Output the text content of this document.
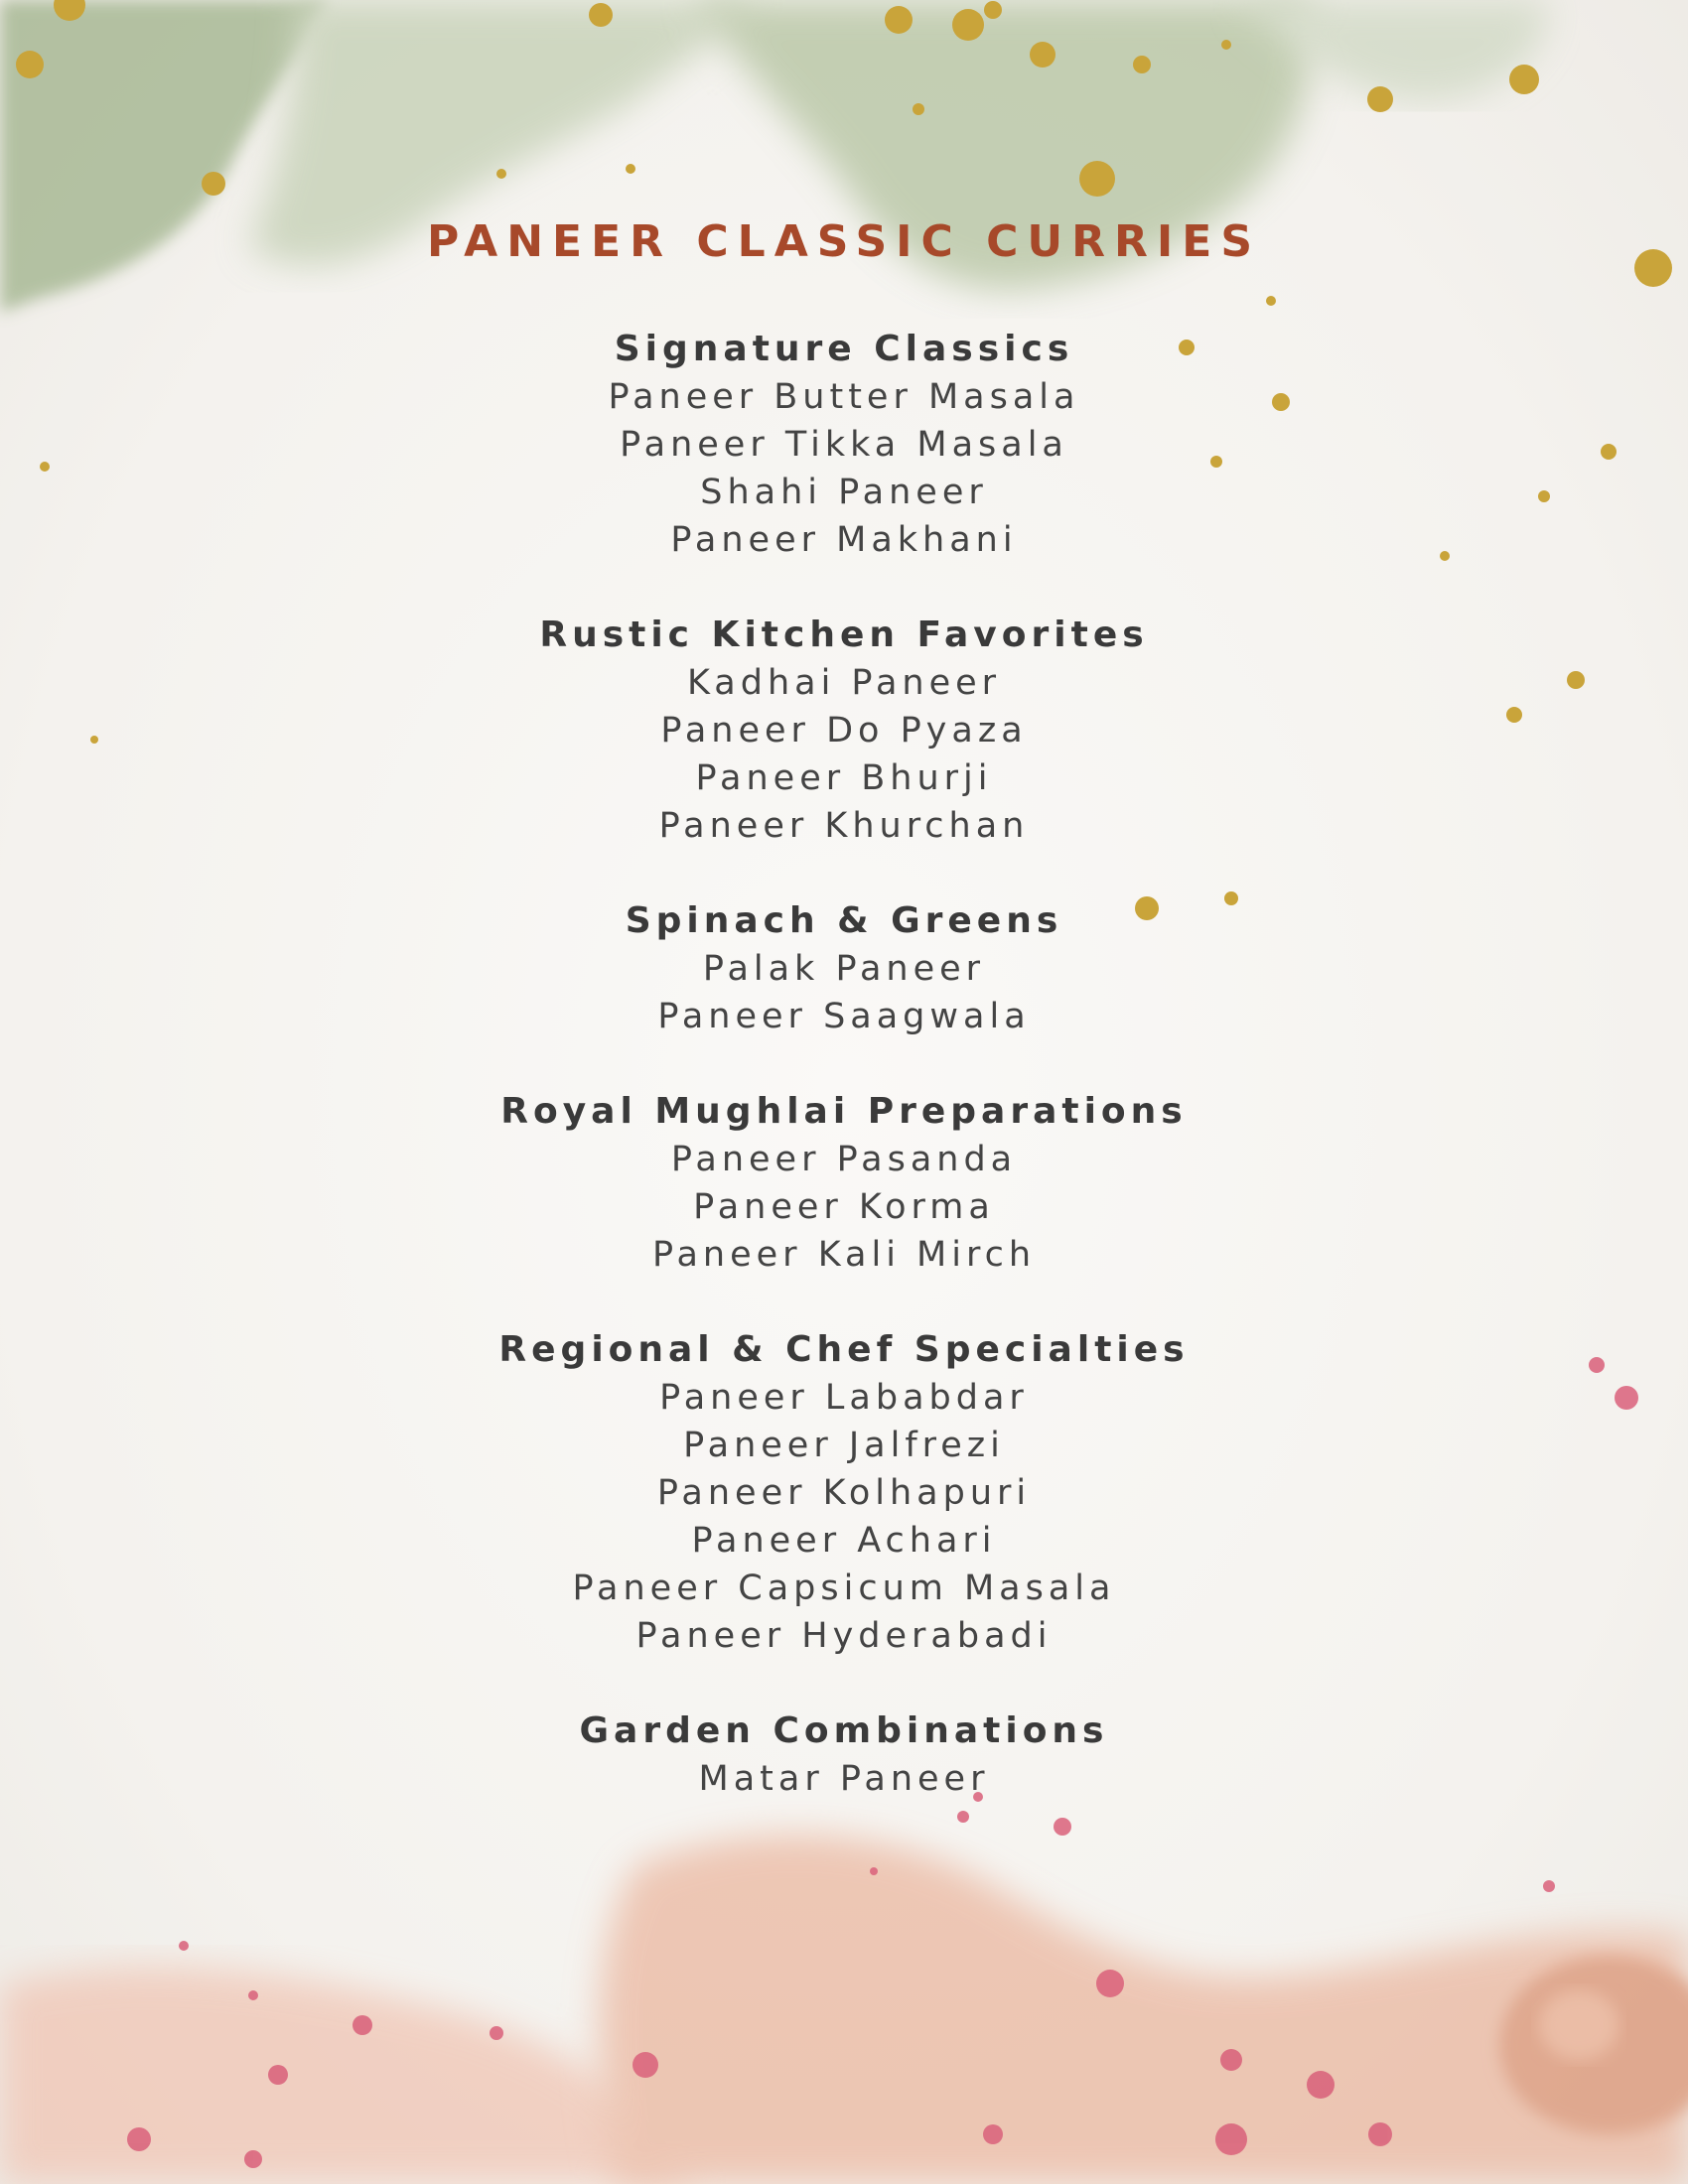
PANEER CLASSIC CURRIES
Signature Classics
Paneer Butter Masala
Paneer Tikka Masala
Shahi Paneer
Paneer Makhani
Rustic Kitchen Favorites
Kadhai Paneer
Paneer Do Pyaza
Paneer Bhurji
Paneer Khurchan
Spinach & Greens
Palak Paneer
Paneer Saagwala
Royal Mughlai Preparations
Paneer Pasanda
Paneer Korma
Paneer Kali Mirch
Regional & Chef Specialties
Paneer Lababdar
Paneer Jalfrezi
Paneer Kolhapuri
Paneer Achari
Paneer Capsicum Masala
Paneer Hyderabadi
Garden Combinations
Matar Paneer
